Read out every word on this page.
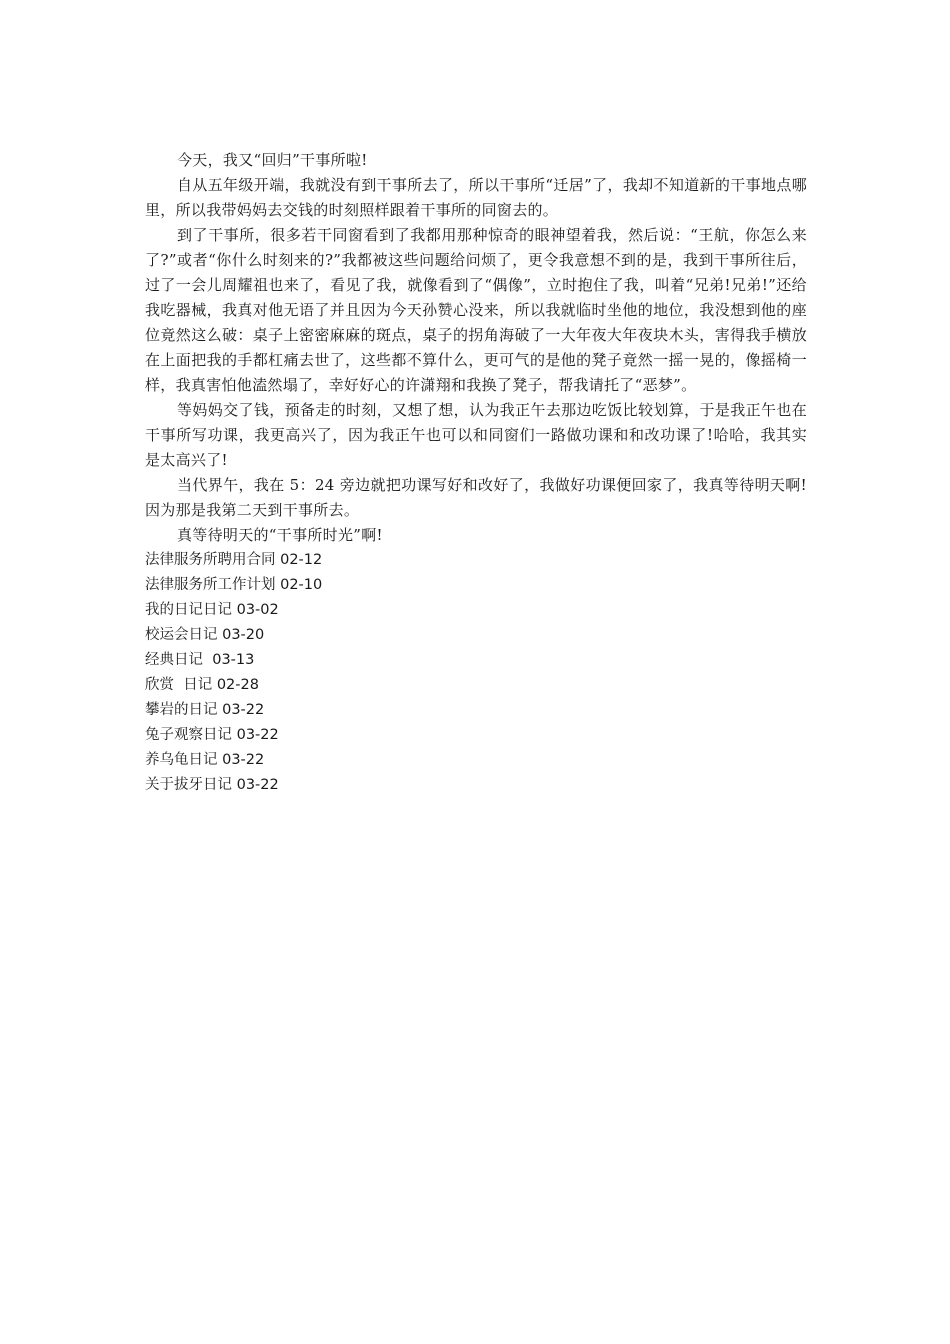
今天，我又“回归”干事所啦!

自从五年级开端，我就没有到干事所去了，所以干事所“迁居”了，我却不知道新的干事地点哪里，所以我带妈妈去交钱的时刻照样跟着干事所的同窗去的。

到了干事所，很多若干同窗看到了我都用那种惊奇的眼神望着我，然后说：“王航，你怎么来了?”或者“你什么时刻来的?”我都被这些问题给问烦了，更令我意想不到的是，我到干事所往后，过了一会儿周耀祖也来了，看见了我，就像看到了“偶像”，立时抱住了我，叫着“兄弟!兄弟!”还给我吃器械，我真对他无语了并且因为今天孙赞心没来，所以我就临时坐他的地位，我没想到他的座位竟然这么破：桌子上密密麻麻的斑点，桌子的拐角海破了一大年夜大年夜块木头，害得我手横放在上面把我的手都杠痛去世了，这些都不算什么，更可气的是他的凳子竟然一摇一晃的，像摇椅一样，我真害怕他溘然塌了，幸好好心的许潇翔和我换了凳子，帮我请托了“恶梦”。

等妈妈交了钱，预备走的时刻，又想了想，认为我正午去那边吃饭比较划算，于是我正午也在干事所写功课，我更高兴了，因为我正午也可以和同窗们一路做功课和和改功课了!哈哈，我其实是太高兴了!

当代界午，我在 5：24 旁边就把功课写好和改好了，我做好功课便回家了，我真等待明天啊!因为那是我第二天到干事所去。

真等待明天的“干事所时光”啊!

法律服务所聘用合同 02-12
法律服务所工作计划 02-10
我的日记日记 03-02
校运会日记 03-20
经典日记  03-13
欣赏  日记 02-28
攀岩的日记 03-22
兔子观察日记 03-22
养乌龟日记 03-22
关于拔牙日记 03-22
